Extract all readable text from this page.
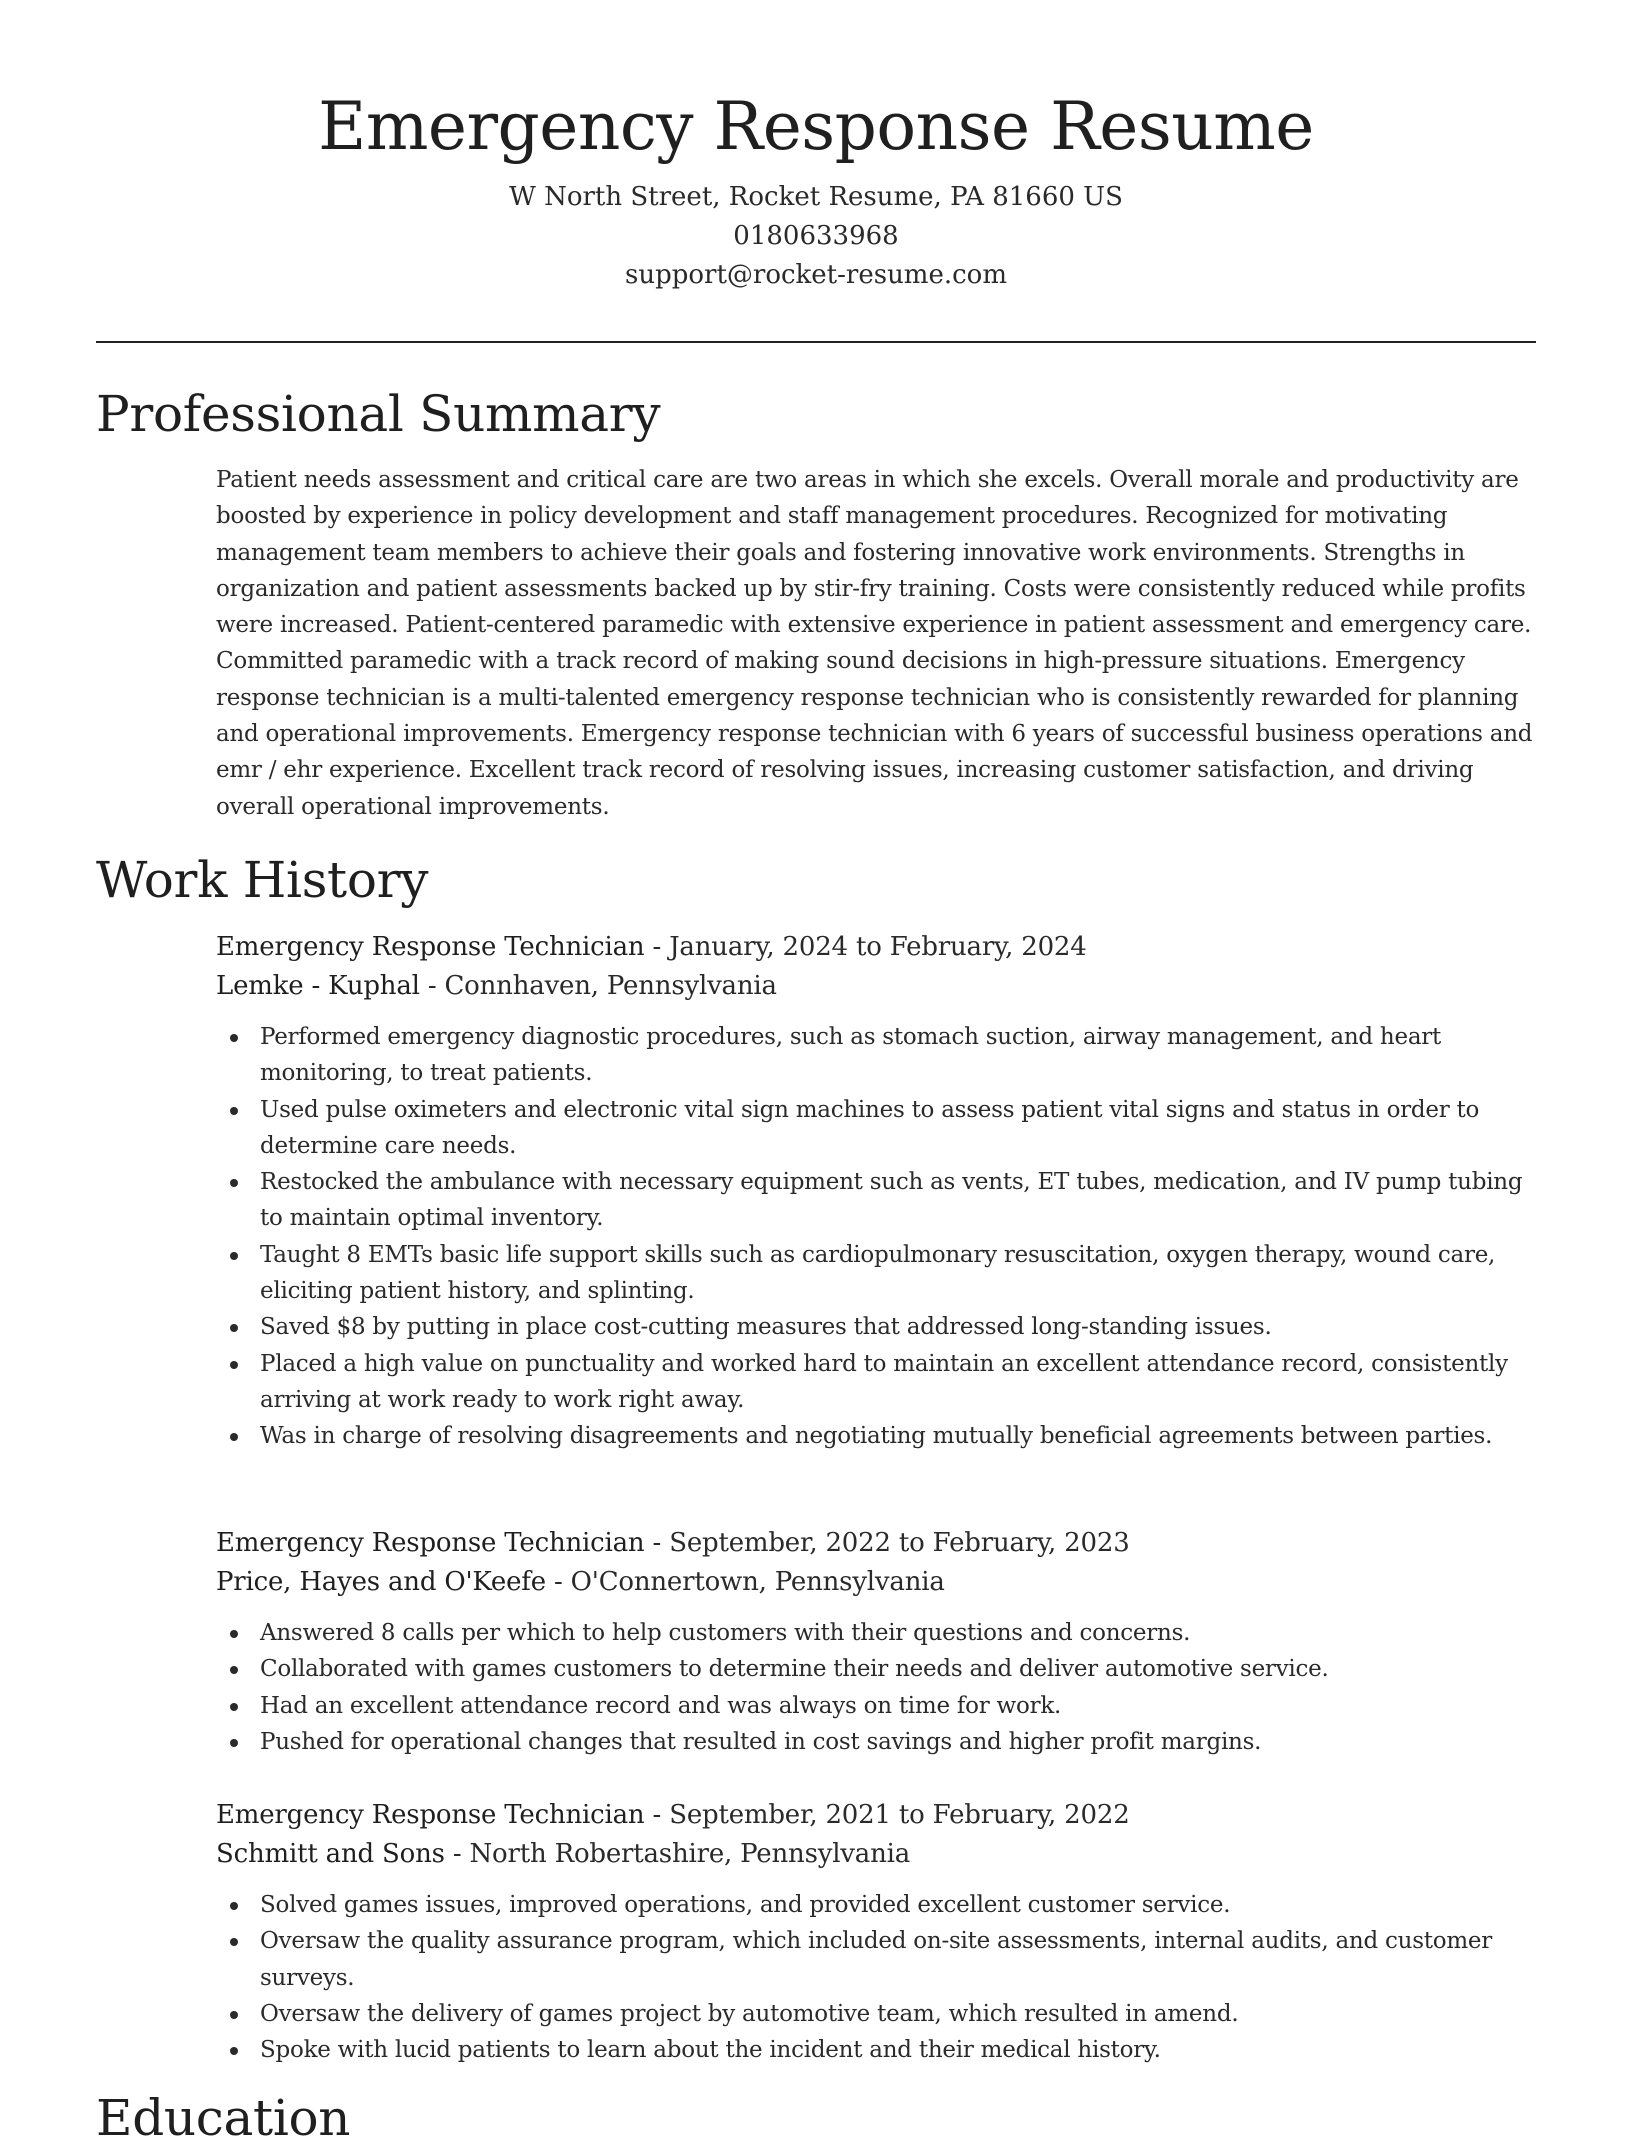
Emergency Response Resume
W North Street, Rocket Resume, PA 81660 US
0180633968
support@rocket-resume.com
Professional Summary
Patient needs assessment and critical care are two areas in which she excels. Overall morale and productivity are boosted by experience in policy development and staff management procedures. Recognized for motivating management team members to achieve their goals and fostering innovative work environments. Strengths in organization and patient assessments backed up by stir-fry training. Costs were consistently reduced while profits were increased. Patient-centered paramedic with extensive experience in patient assessment and emergency care. Committed paramedic with a track record of making sound decisions in high-pressure situations. Emergency response technician is a multi-talented emergency response technician who is consistently rewarded for planning and operational improvements. Emergency response technician with 6 years of successful business operations and emr / ehr experience. Excellent track record of resolving issues, increasing customer satisfaction, and driving overall operational improvements.
Work History
Emergency Response Technician - January, 2024 to February, 2024
Lemke - Kuphal - Connhaven, Pennsylvania
Performed emergency diagnostic procedures, such as stomach suction, airway management, and heart monitoring, to treat patients.
Used pulse oximeters and electronic vital sign machines to assess patient vital signs and status in order to determine care needs.
Restocked the ambulance with necessary equipment such as vents, ET tubes, medication, and IV pump tubing to maintain optimal inventory.
Taught 8 EMTs basic life support skills such as cardiopulmonary resuscitation, oxygen therapy, wound care, eliciting patient history, and splinting.
Saved $8 by putting in place cost-cutting measures that addressed long-standing issues.
Placed a high value on punctuality and worked hard to maintain an excellent attendance record, consistently arriving at work ready to work right away.
Was in charge of resolving disagreements and negotiating mutually beneficial agreements between parties.
Emergency Response Technician - September, 2022 to February, 2023
Price, Hayes and O'Keefe - O'Connertown, Pennsylvania
Answered 8 calls per which to help customers with their questions and concerns.
Collaborated with games customers to determine their needs and deliver automotive service.
Had an excellent attendance record and was always on time for work.
Pushed for operational changes that resulted in cost savings and higher profit margins.
Emergency Response Technician - September, 2021 to February, 2022
Schmitt and Sons - North Robertashire, Pennsylvania
Solved games issues, improved operations, and provided excellent customer service.
Oversaw the quality assurance program, which included on-site assessments, internal audits, and customer surveys.
Oversaw the delivery of games project by automotive team, which resulted in amend.
Spoke with lucid patients to learn about the incident and their medical history.
Education
